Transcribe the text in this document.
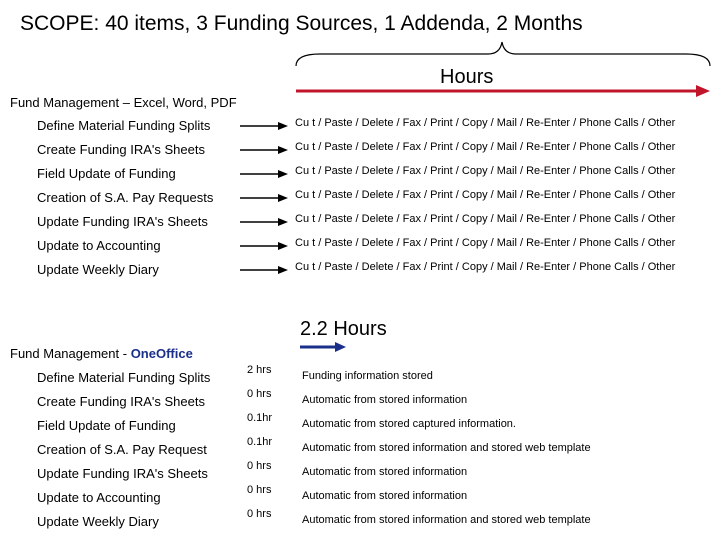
SCOPE: 40 items, 3 Funding Sources, 1 Addenda, 2 Months
Hours
Fund Management – Excel, Word, PDF
Define Material Funding Splits	Cu t / Paste / Delete / Fax / Print / Copy / Mail / Re-Enter / Phone Calls / Other
Create Funding IRA's Sheets	Cu t / Paste / Delete / Fax / Print / Copy / Mail / Re-Enter / Phone Calls / Other
Field Update of Funding	Cu t / Paste / Delete / Fax / Print / Copy / Mail / Re-Enter / Phone Calls / Other
Creation of S.A. Pay Requests	Cu t / Paste / Delete / Fax / Print / Copy / Mail / Re-Enter / Phone Calls / Other
Update Funding IRA's Sheets	Cu t / Paste / Delete / Fax / Print / Copy / Mail / Re-Enter / Phone Calls / Other
Update to Accounting	Cu t / Paste / Delete / Fax / Print / Copy / Mail / Re-Enter / Phone Calls / Other
Update Weekly Diary	Cu t / Paste / Delete / Fax / Print / Copy / Mail / Re-Enter / Phone Calls / Other
2.2 Hours
Fund Management - OneOffice
Define Material Funding Splits	2 hrs	Funding information stored
Create Funding IRA's Sheets	0 hrs	Automatic from stored information
Field Update of Funding	0.1hr	Automatic from stored captured information.
Creation of S.A. Pay Request	0.1hr	Automatic from stored information and stored web template
Update Funding IRA's Sheets	0 hrs	Automatic from stored information
Update to Accounting	0 hrs	Automatic from stored information
Update Weekly Diary	0 hrs	Automatic from stored information and stored web template
